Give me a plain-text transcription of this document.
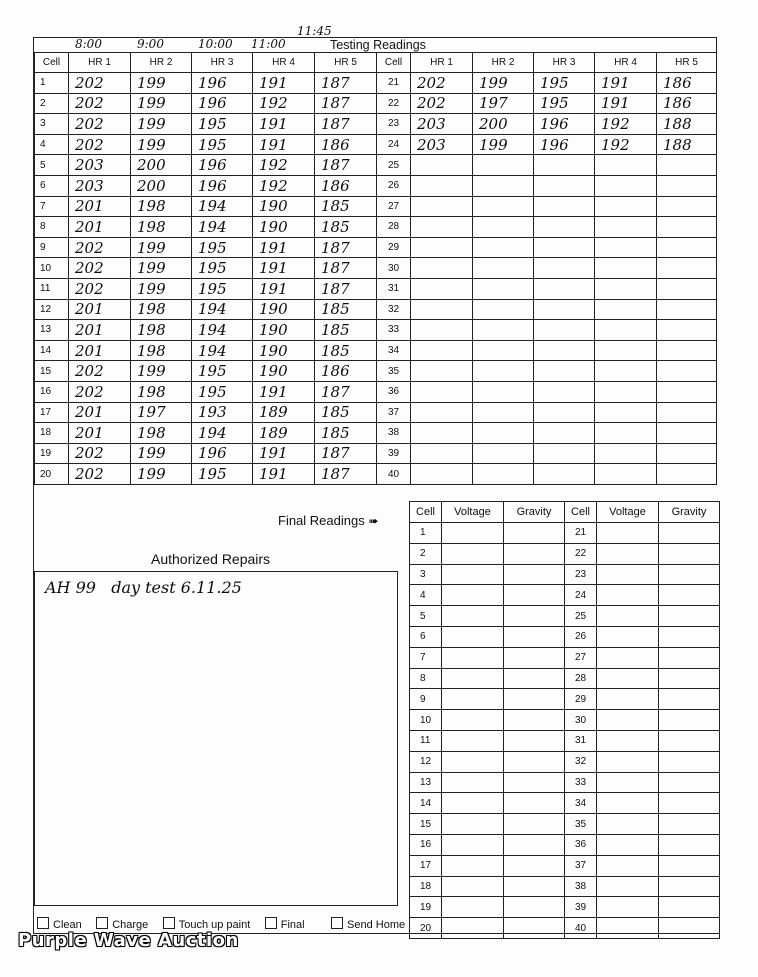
8:00	9:00	10:00 11:00
11:45
Testing Readings
Cell	HR 1	HR 2	HR 3	HR 4	HR 5	Cell	HR 1	HR 2	HR 3	HR 4	HR 5
1	202	199	196	191	187	21	202	199	195	191	186
2	202	199	196	192	187	22	202	197	195	191	186
3	202	199	195	191	187	23	203	200	196	192	188
4	202	199	195	191	186	24	203	199	196	192	188
5	203	200	196	192	187	25					
6	203	200	196	192	186	26					
7	201	198	194	190	185	27					
8	201	198	194	190	185	28					
9	202	199	195	191	187	29					
10	202	199	195	191	187	30					
11	202	199	195	191	187	31					
12	201	198	194	190	185	32					
13	201	198	194	190	185	33					
14	201	198	194	190	185	34					
15	202	199	195	190	186	35					
16	202	198	195	191	187	36					
17	201	197	193	189	185	37					
18	201	198	194	189	185	38					
19	202	199	196	191	187	39					
20	202	199	195	191	187	40					
Final Readings ➠
Cell	Voltage	Gravity	Cell	Voltage	Gravity
1			21		
2			22		
3			23		
4			24		
5			25		
6			26		
7			27		
8			28		
9			29		
10			30		
11			31		
12			32		
13			33		
14			34		
15			35		
16			36		
17			37		
18			38		
19			39		
20			40		
Authorized Repairs
AH 99   day test 6.11.25
Clean	Charge	Touch up paint	Final	Send Home
Purple Wave Auction
